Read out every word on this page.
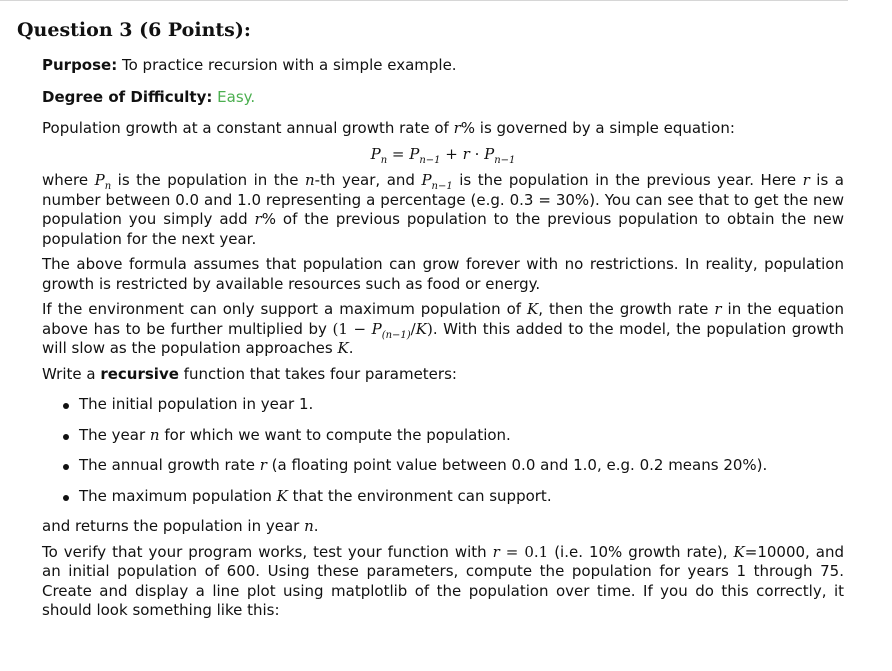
Question 3 (6 Points):

Purpose: To practice recursion with a simple example.

Degree of Difficulty: Easy.

Population growth at a constant annual growth rate of r% is governed by a simple equation:

$P_n = P_{n-1} + r \cdot P_{n-1}$

where $P_n$ is the population in the n-th year, and $P_{n-1}$ is the population in the previous year. Here r is a number between 0.0 and 1.0 representing a percentage (e.g. 0.3 = 30%). You can see that to get the new population you simply add r% of the previous population to the previous population to obtain the new population for the next year.

The above formula assumes that population can grow forever with no restrictions. In reality, population growth is restricted by available resources such as food or energy.

If the environment can only support a maximum population of K, then the growth rate r in the equation above has to be further multiplied by $(1 - P_{(n-1)}/K)$. With this added to the model, the population growth will slow as the population approaches K.

Write a recursive function that takes four parameters:

The initial population in year 1.
The year n for which we want to compute the population.
The annual growth rate r (a floating point value between 0.0 and 1.0, e.g. 0.2 means 20%).
The maximum population K that the environment can support.

and returns the population in year n.

To verify that your program works, test your function with r = 0.1 (i.e. 10% growth rate), K=10000, and an initial population of 600. Using these parameters, compute the population for years 1 through 75. Create and display a line plot using matplotlib of the population over time. If you do this correctly, it should look something like this:
